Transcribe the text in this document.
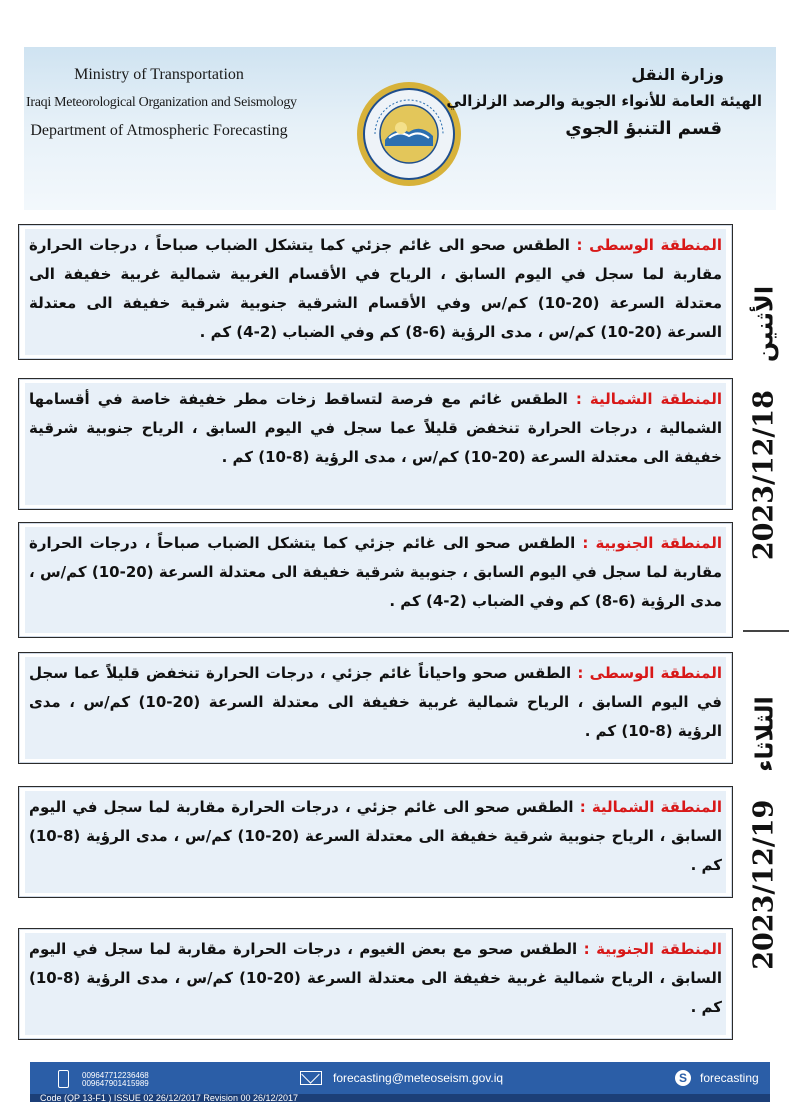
Ministry of Transportation
Iraqi Meteorological Organization and Seismology
Department of Atmospheric Forecasting
وزارة النقل
الهيئة العامة للأنواء الجوية والرصد الزلزالي
قسم التنبؤ الجوي
2023/12/18الأثنين
2023/12/19الثلاثاء

المنطقة الوسطى : الطقس صحو الى غائم جزئي كما يتشكل الضباب صباحاً ، درجات الحرارة مقاربة لما سجل في اليوم السابق ، الرياح في الأقسام الغربية شمالية غربية خفيفة الى معتدلة السرعة (20-10) كم/س وفي الأقسام الشرقية جنوبية شرقية خفيفة الى معتدلة السرعة (20-10) كم/س ، مدى الرؤية (6-8) كم وفي الضباب (2-4) كم .

المنطقة الشمالية : الطقس غائم مع فرصة لتساقط زخات مطر خفيفة خاصة في أقسامها الشمالية ، درجات الحرارة تنخفض قليلاً عما سجل في اليوم السابق ، الرياح جنوبية شرقية خفيفة الى معتدلة السرعة (20-10) كم/س ، مدى الرؤية (8-10) كم .

المنطقة الجنوبية : الطقس صحو الى غائم جزئي كما يتشكل الضباب صباحاً ، درجات الحرارة مقاربة لما سجل في اليوم السابق ، جنوبية شرقية خفيفة الى معتدلة السرعة (20-10) كم/س ، مدى الرؤية (6-8) كم وفي الضباب (2-4) كم .

المنطقة الوسطى : الطقس صحو واحياناً غائم جزئي ، درجات الحرارة تنخفض قليلاً عما سجل في اليوم السابق ، الرياح شمالية غربية خفيفة الى معتدلة السرعة (20-10) كم/س ، مدى الرؤية (8-10) كم .

المنطقة الشمالية : الطقس صحو الى غائم جزئي ، درجات الحرارة مقاربة لما سجل في اليوم السابق ، الرياح جنوبية شرقية خفيفة الى معتدلة السرعة (20-10) كم/س ، مدى الرؤية (8-10) كم .

المنطقة الجنوبية : الطقس صحو مع بعض الغيوم ، درجات الحرارة مقاربة لما سجل في اليوم السابق ، الرياح شمالية غربية خفيفة الى معتدلة السرعة (20-10) كم/س ، مدى الرؤية (8-10) كم .

009647712236468
009647901415989	forecasting@meteoseism.gov.iq	S	forecasting
Code (QP 13-F1 ) ISSUE 02 26/12/2017 Revision 00 26/12/2017
